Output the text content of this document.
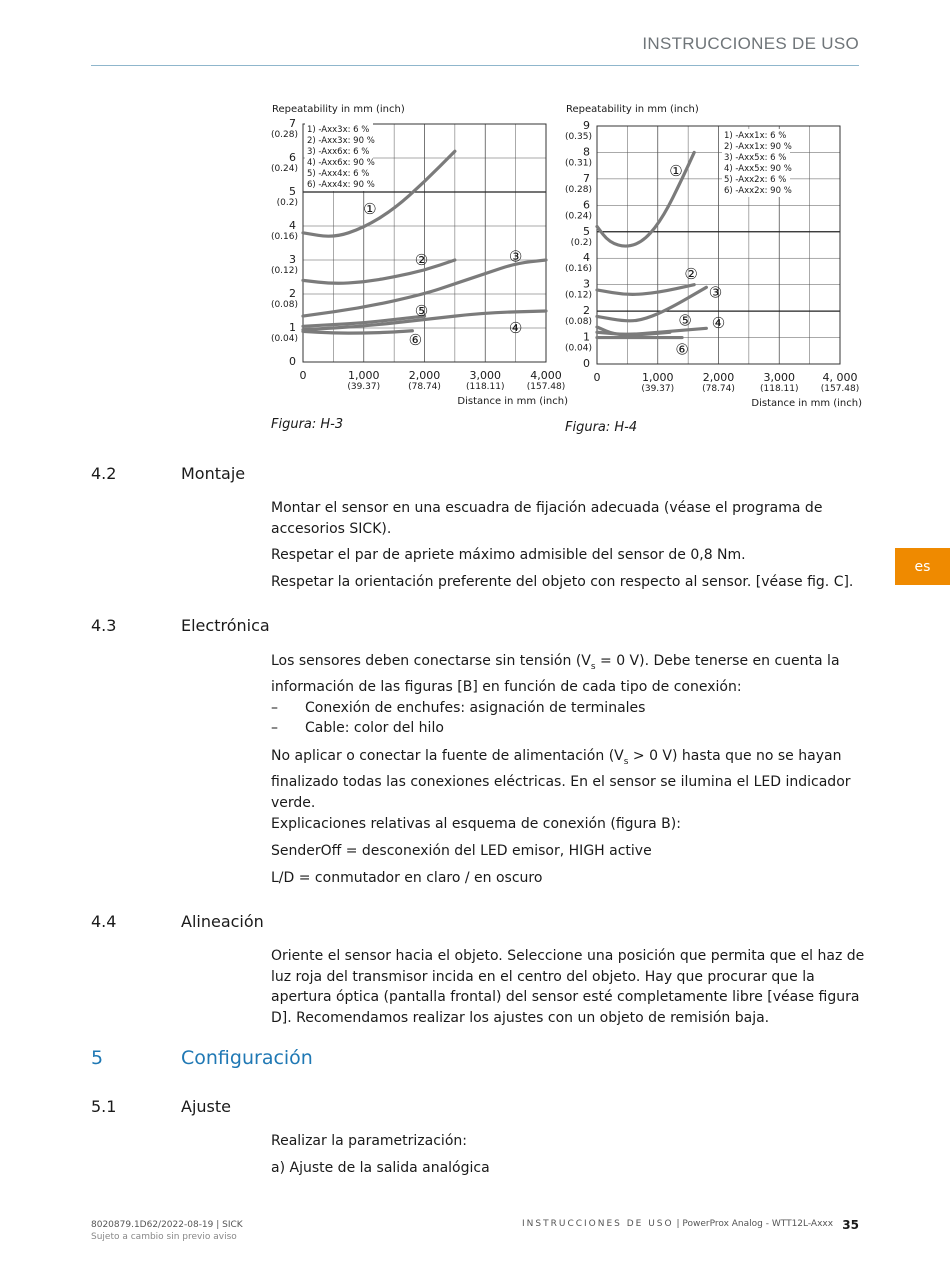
INSTRUCCIONES DE USO
es
Repeatability in mm (inch)
0
1
(0.04)
2
(0.08)
3
(0.12)
4
(0.16)
5
(0.2)
6
(0.24)
7
(0.28)
0	1,000
(39.37)
2,000
(78.74)
3,000
(118.11)
4,000
(157.48)
Distance in mm (inch)
1) -Axx3x: 6 %
2) -Axx3x: 90 %
3) -Axx6x: 6 %
4) -Axx6x: 90 %
5) -Axx4x: 6 %
6) -Axx4x: 90 %
①
②	③
④
⑤
⑥
Figura: H-3
Repeatability in mm (inch)
0
1
(0.04)
2
(0.08)
3
(0.12)
4
(0.16)
5
(0.2)
6
(0.24)
7
(0.28)
8
(0.31)
9
(0.35)
0	1,000
(39.37)
2,000
(78.74)
3,000
(118.11)
4, 000
(157.48)
Distance in mm (inch)
1) -Axx1x: 6 %
2) -Axx1x: 90 %
3) -Axx5x: 6 %
4) -Axx5x: 90 %
5) -Axx2x: 6 %
6) -Axx2x: 90 %
①
②
③
④
⑤
⑥
Figura: H-4
4.2	Montaje
Montar el sensor en una escuadra de fijación adecuada (véase el programa de accesorios SICK).
Respetar el par de apriete máximo admisible del sensor de 0,8 Nm.
Respetar la orientación preferente del objeto con respecto al sensor. [véase fig. C].
4.3	Electrónica
Los sensores deben conectarse sin tensión ($V_s = 0$ V). Debe tenerse en cuenta la información de las figuras [B] en función de cada tipo de conexión:
– Conexión de enchufes: asignación de terminales
– Cable: color del hilo
No aplicar o conectar la fuente de alimentación ($V_s > 0$ V) hasta que no se hayan finalizado todas las conexiones eléctricas. En el sensor se ilumina el LED indicador verde.
Explicaciones relativas al esquema de conexión (figura B):
SenderOff = desconexión del LED emisor, HIGH active
L/D = conmutador en claro / en oscuro
4.4	Alineación
Oriente el sensor hacia el objeto. Seleccione una posición que permita que el haz de luz roja del transmisor incida en el centro del objeto. Hay que procurar que la apertura óptica (pantalla frontal) del sensor esté completamente libre [véase figura D]. Recomendamos realizar los ajustes con un objeto de remisión baja.
5	Configuración
5.1	Ajuste
Realizar la parametrización:
a) Ajuste de la salida analógica
8020879.1D62/2022-08-19 | SICK
Sujeto a cambio sin previo aviso
INSTRUCCIONES DE USO | PowerProx Analog - WTT12L-Axxx 35
